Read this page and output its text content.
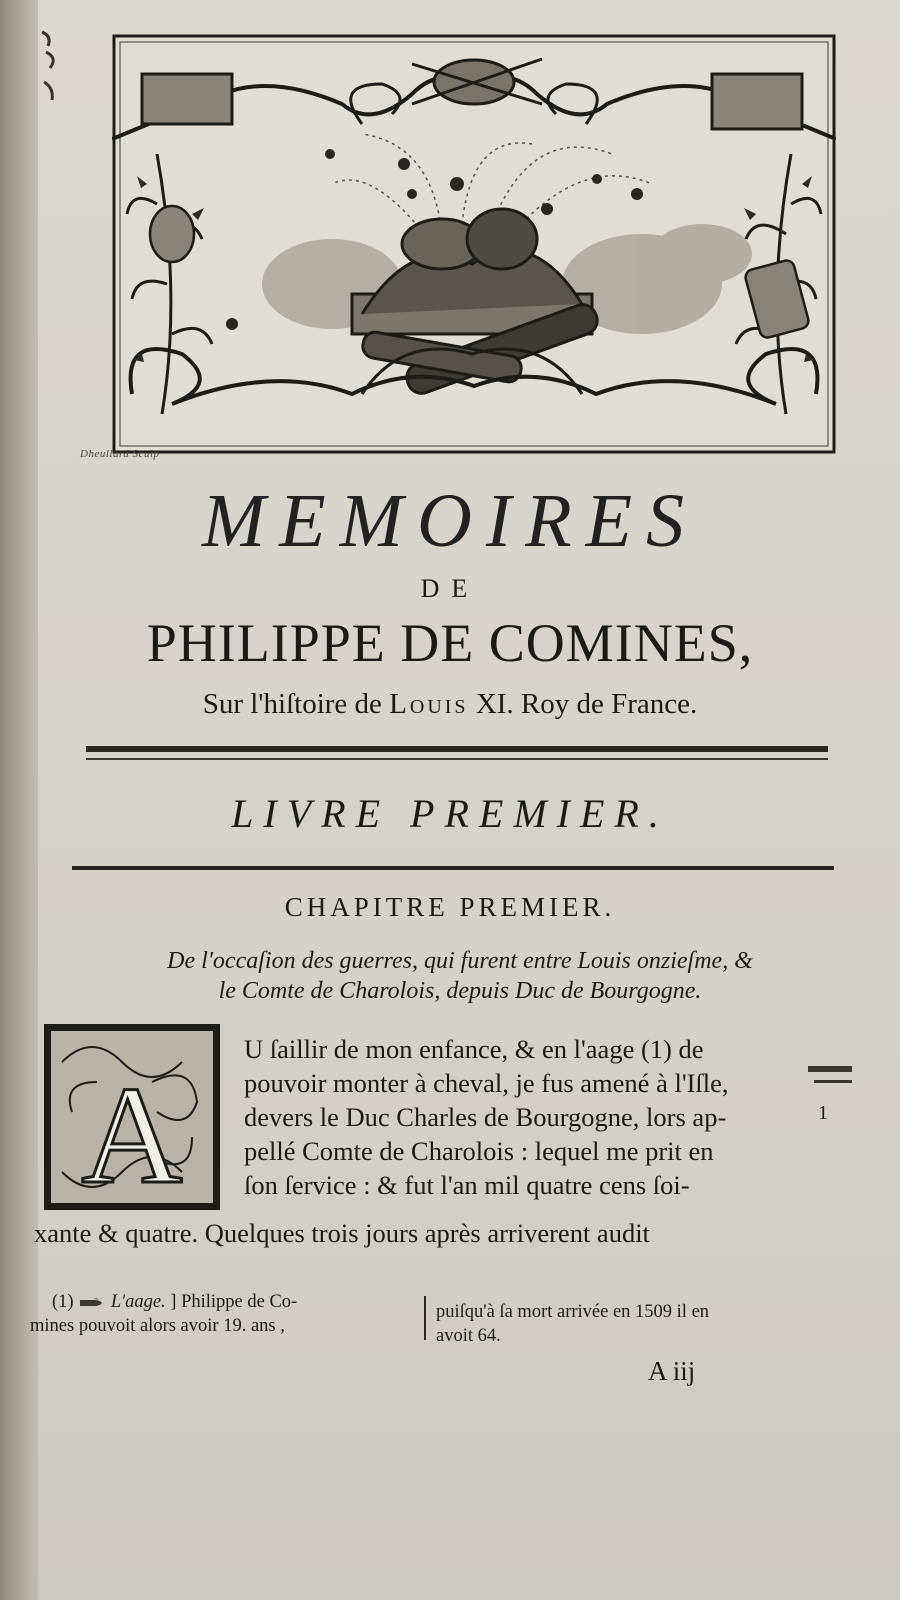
Dheullard Sculp
MEMOIRES
DE
PHILIPPE DE COMINES,
Sur l'hiſtoire de Louis XI. Roy de France.
LIVRE PREMIER.
CHAPITRE PREMIER.
De l'occaſion des guerres, qui furent entre Louis onzieſme, &
le Comte de Charolois, depuis Duc de Bourgogne.
A
U ſaillir de mon enfance, & en l'aage (1) de
pouvoir monter à cheval, je fus amené à l'Iſle,
devers le Duc Charles de Bourgogne, lors ap-
pellé Comte de Charolois : lequel me prit en
ſon ſervice : & fut l'an mil quatre cens ſoi-
xante & quatre. Quelques trois jours après arriverent audit
1
(1) L'aage. ] Philippe de Co-
mines pouvoit alors avoir 19. ans ,
puiſqu'à ſa mort arrivée en 1509 il en
avoit 64.
A iij
